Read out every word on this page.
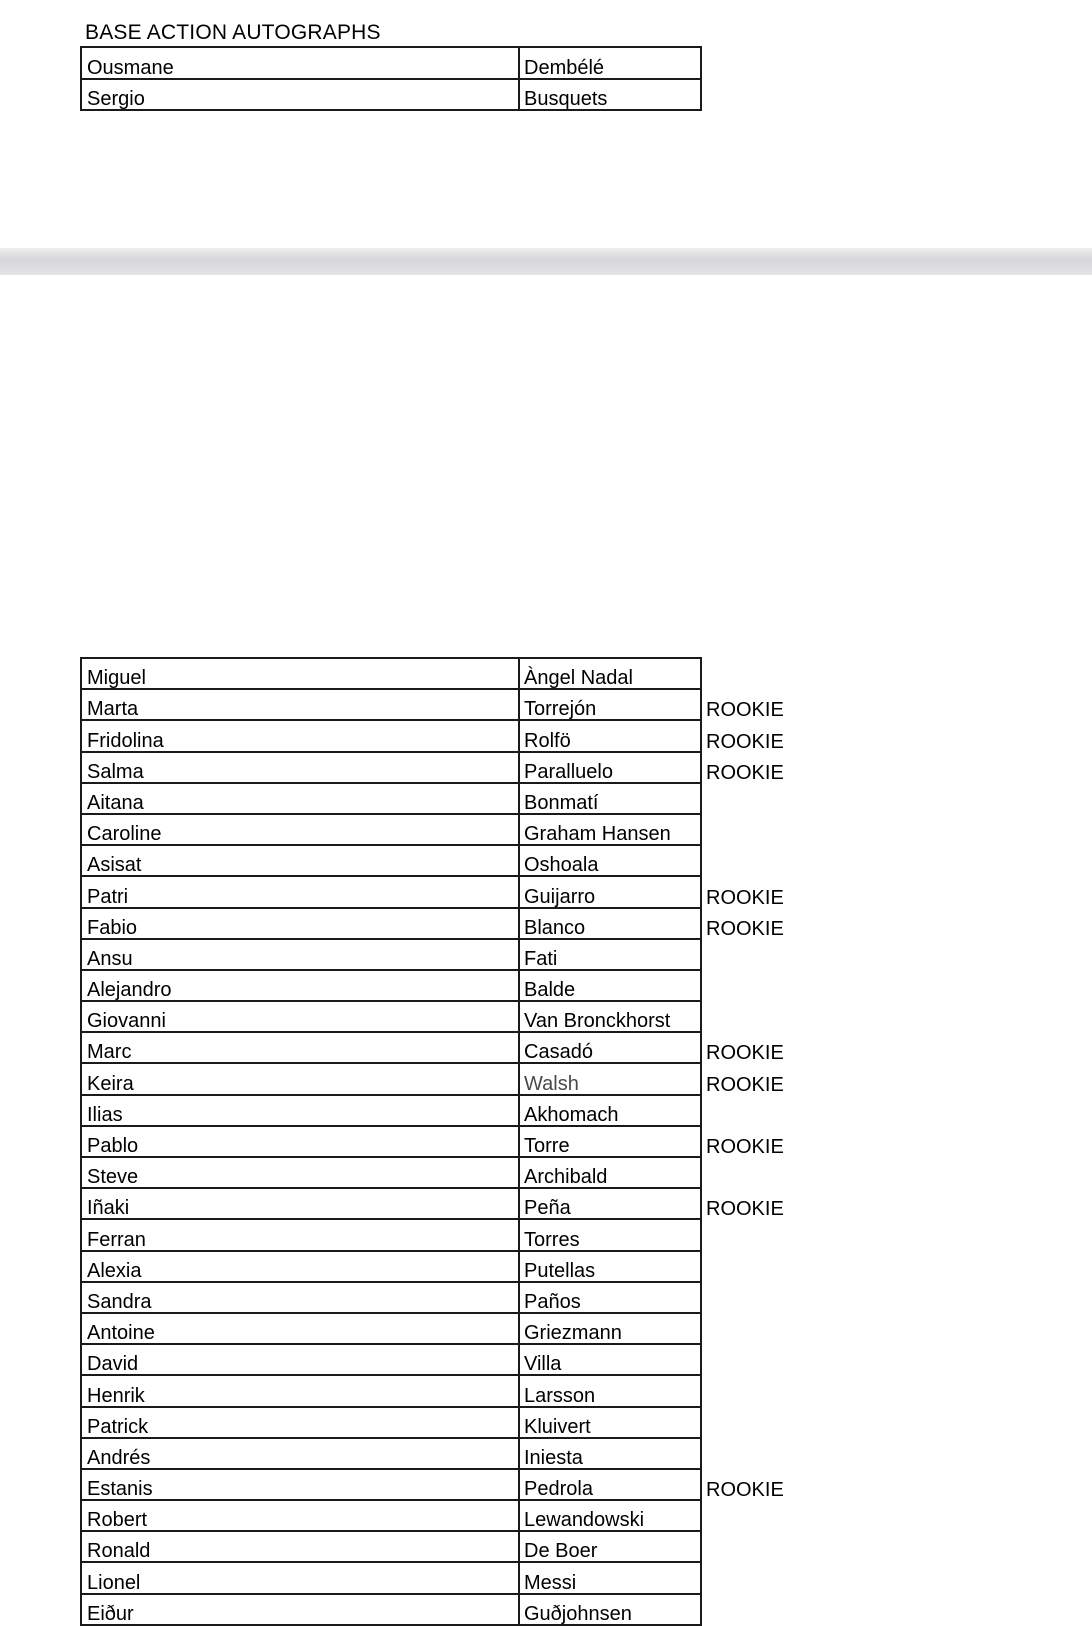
BASE ACTION AUTOGRAPHS
Ousmane	Dembélé
Sergio	Busquets
Miguel	Àngel Nadal	
Marta	Torrejón	ROOKIE
Fridolina	Rolfö	ROOKIE
Salma	Paralluelo	ROOKIE
Aitana	Bonmatí	
Caroline	Graham Hansen	
Asisat	Oshoala	
Patri	Guijarro	ROOKIE
Fabio	Blanco	ROOKIE
Ansu	Fati	
Alejandro	Balde	
Giovanni	Van Bronckhorst	
Marc	Casadó	ROOKIE
Keira	Walsh	ROOKIE
Ilias	Akhomach	
Pablo	Torre	ROOKIE
Steve	Archibald	
Iñaki	Peña	ROOKIE
Ferran	Torres	
Alexia	Putellas	
Sandra	Paños	
Antoine	Griezmann	
David	Villa	
Henrik	Larsson	
Patrick	Kluivert	
Andrés	Iniesta	
Estanis	Pedrola	ROOKIE
Robert	Lewandowski	
Ronald	De Boer	
Lionel	Messi	
Eiður	Guðjohnsen	
